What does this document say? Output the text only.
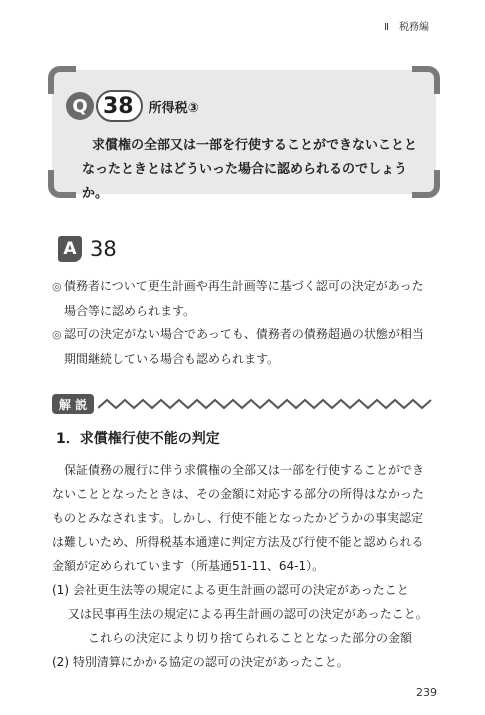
Ⅱ　税務編
Q 38	所得税③
求償権の全部又は一部を行使することができないことと
なったときとはどういった場合に認められるのでしょうか。
A 38
◎ 債務者について更生計画や再生計画等に基づく認可の決定があった
場合等に認められます。
◎ 認可の決定がない場合であっても、債務者の債務超過の状態が相当
期間継続している場合も認められます。
解 説
1．求償権行使不能の判定

　保証債務の履行に伴う求償権の全部又は一部を行使することができ

ないこととなったときは、その金額に対応する部分の所得はなかった

ものとみなされます。しかし、行使不能となったかどうかの事実認定

は難しいため、所得税基本通達に判定方法及び行使不能と認められる

金額が定められています（所基通51-11、64-1）。

(1) 会社更生法等の規定による更生計画の認可の決定があったこと

　 又は民事再生法の規定による再生計画の認可の決定があったこと。

　　　これらの決定により切り捨てられることとなった部分の金額

(2) 特別清算にかかる協定の認可の決定があったこと。

239
